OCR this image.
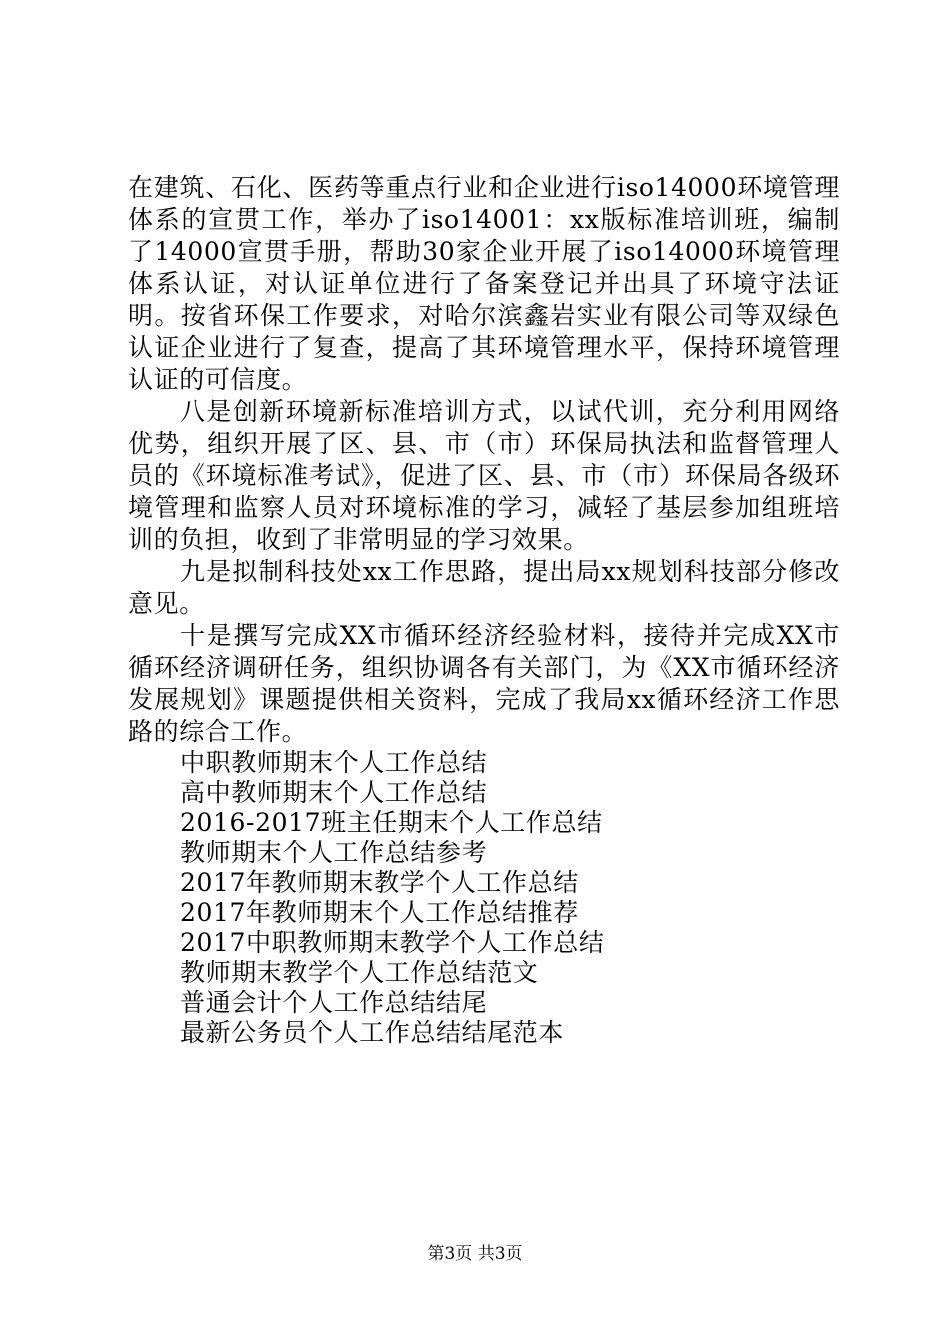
在建筑、石化、医药等重点行业和企业进行iso14000环境管理体系的宣贯工作，举办了iso14001：xx版标准培训班，编制了14000宣贯手册，帮助30家企业开展了iso14000环境管理体系认证，对认证单位进行了备案登记并出具了环境守法证明。按省环保工作要求，对哈尔滨鑫岩实业有限公司等双绿色认证企业进行了复查，提高了其环境管理水平，保持环境管理认证的可信度。

八是创新环境新标准培训方式，以试代训，充分利用网络优势，组织开展了区、县、市（市）环保局执法和监督管理人员的《环境标准考试》，促进了区、县、市（市）环保局各级环境管理和监察人员对环境标准的学习，减轻了基层参加组班培训的负担，收到了非常明显的学习效果。

九是拟制科技处xx工作思路，提出局xx规划科技部分修改意见。

十是撰写完成XX市循环经济经验材料，接待并完成XX市循环经济调研任务，组织协调各有关部门，为《XX市循环经济发展规划》课题提供相关资料，完成了我局xx循环经济工作思路的综合工作。

中职教师期末个人工作总结
高中教师期末个人工作总结
2016-2017班主任期末个人工作总结
教师期末个人工作总结参考
2017年教师期末教学个人工作总结
2017年教师期末个人工作总结推荐
2017中职教师期末教学个人工作总结
教师期末教学个人工作总结范文
普通会计个人工作总结结尾
最新公务员个人工作总结结尾范本
第3页 共3页
